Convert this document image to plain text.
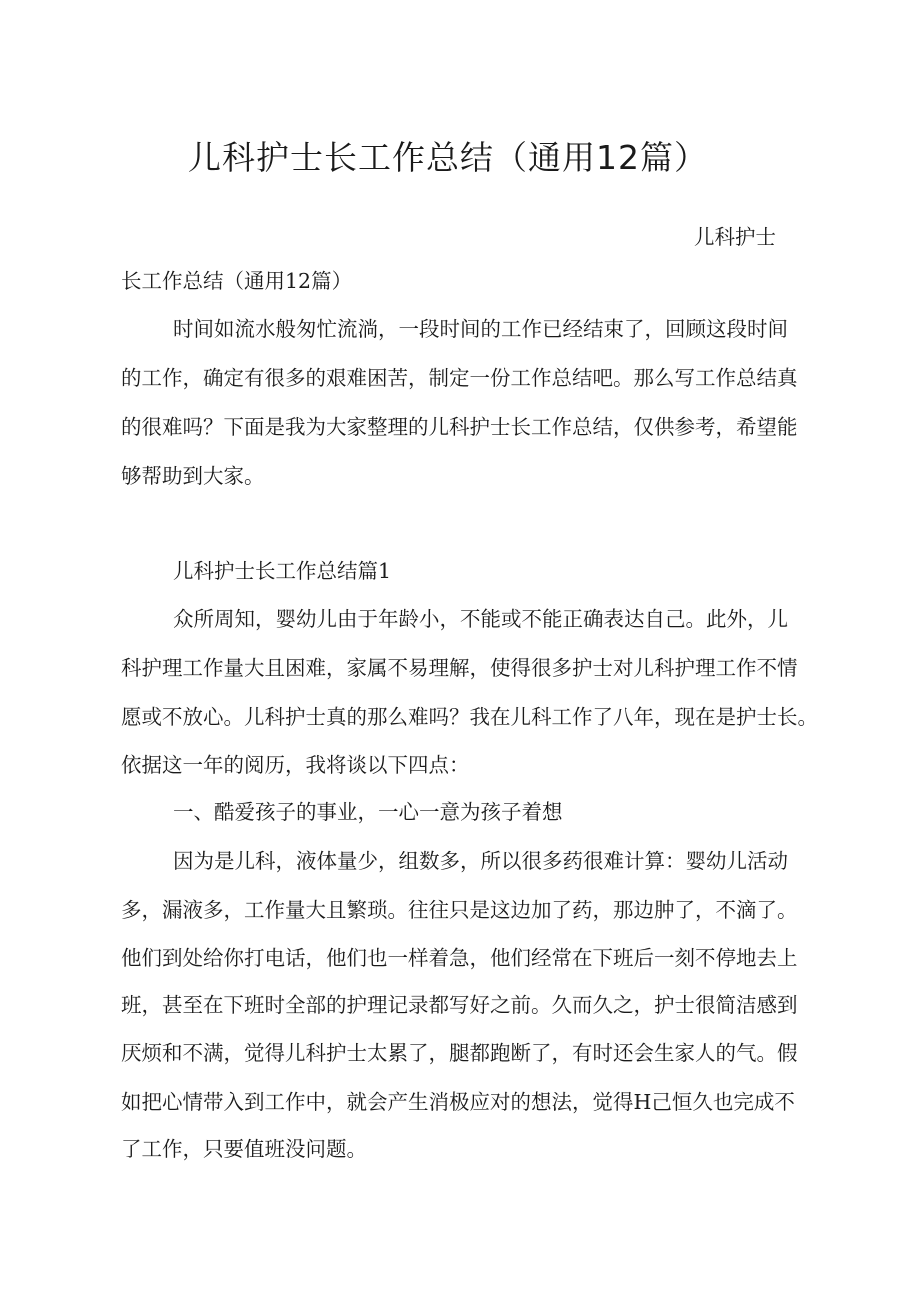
儿科护士长工作总结（通用12篇）
儿科护士
长工作总结（通用12篇）
时间如流水般匆忙流淌，一段时间的工作已经结束了，回顾这段时间
的工作，确定有很多的艰难困苦，制定一份工作总结吧。那么写工作总结真
的很难吗？下面是我为大家整理的儿科护士长工作总结，仅供参考，希望能
够帮助到大家。
儿科护士长工作总结篇1
众所周知，婴幼儿由于年龄小，不能或不能正确表达自己。此外，儿
科护理工作量大且困难，家属不易理解，使得很多护士对儿科护理工作不情
愿或不放心。儿科护士真的那么难吗？我在儿科工作了八年，现在是护士长。
依据这一年的阅历，我将谈以下四点：
一、酷爱孩子的事业，一心一意为孩子着想
因为是儿科，液体量少，组数多，所以很多药很难计算：婴幼儿活动
多，漏液多，工作量大且繁琐。往往只是这边加了药，那边肿了，不滴了。
他们到处给你打电话，他们也一样着急，他们经常在下班后一刻不停地去上
班，甚至在下班时全部的护理记录都写好之前。久而久之，护士很简洁感到
厌烦和不满，觉得儿科护士太累了，腿都跑断了，有时还会生家人的气。假
如把心情带入到工作中，就会产生消极应对的想法，觉得H己恒久也完成不
了工作，只要值班没问题。
